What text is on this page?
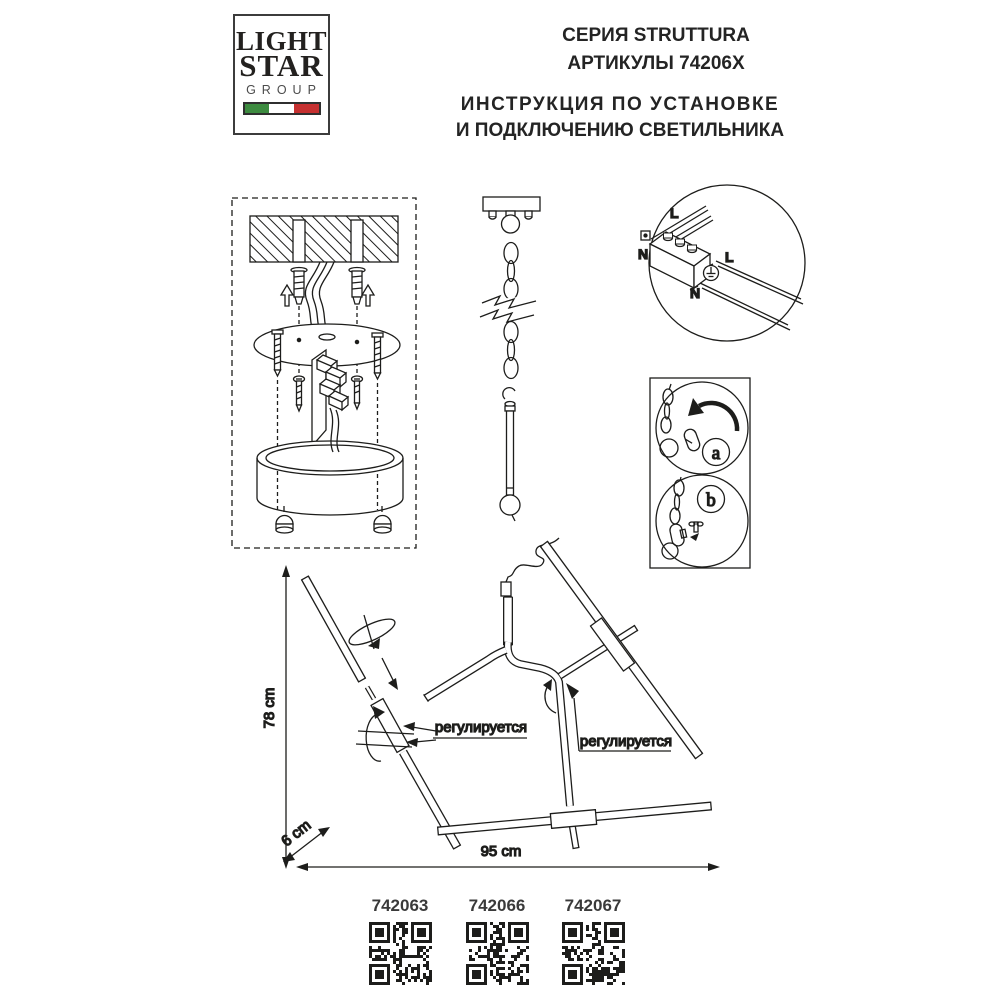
LIGHT
STAR
GROUP
СЕРИЯ STRUTTURA
АРТИКУЛЫ 74206X
ИНСТРУКЦИЯ ПО УСТАНОВКЕ
И ПОДКЛЮЧЕНИЮ СВЕТИЛЬНИКА
L
N	L
N
a
b
регулируется
регулируется
78 cm
6 cm
95 cm
742063	742066	742067
